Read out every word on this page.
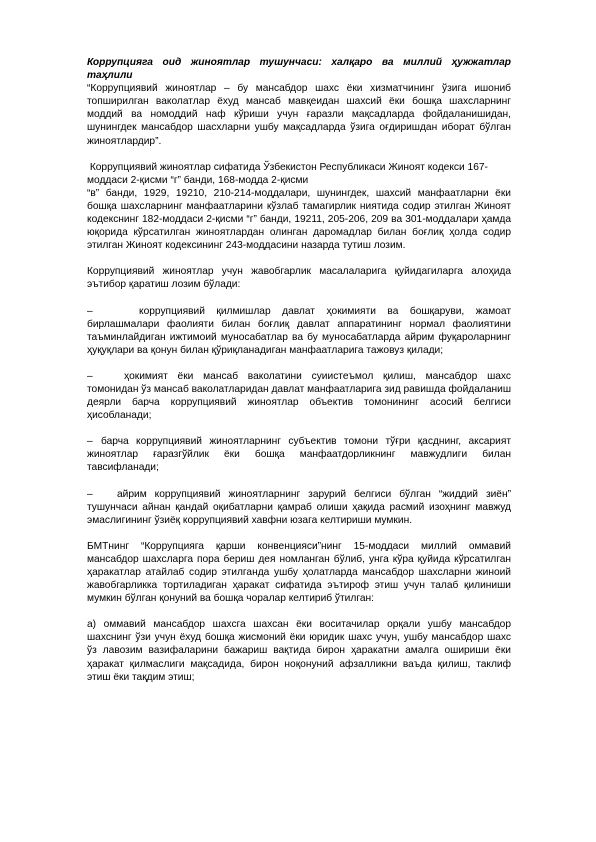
Коррупцияга оид жиноятлар тушунчаси: халқаро ва миллий ҳужжатлар таҳлили

“Коррупциявий жиноятлар – бу мансабдор шахс ёки хизматчининг ўзига ишониб топширилган ваколатлар ёхуд мансаб мавқеидан шахсий ёки бошқа шахсларнинг моддий ва номоддий наф кўриши учун ғаразли мақсадларда фойдаланишидан, шунингдек мансабдор шасхларни ушбу мақсадларда ўзига оғдиришдан иборат бўлган жиноятлардир”.

Коррупциявий жиноятлар сифатида Ўзбекистон Республикаси Жиноят кодекси 167-

моддаси 2-қисми “г” банди, 168-модда 2-қисми

“в” банди, 1929, 19210, 210-214-моддалари, шунингдек, шахсий манфаатларни ёки бошқа шахсларнинг манфаатларини кўзлаб тамагирлик ниятида содир этилган Жиноят кодекснинг 182-моддаси 2-қисми “г” банди, 19211, 205-206, 209 ва 301-моддалари ҳамда юқорида кўрсатилган жиноятлардан олинган даромадлар билан боғлиқ ҳолда содир этилган Жиноят кодексининг 243-моддасини назарда тутиш лозим.

Коррупциявий жиноятлар учун жавобгарлик масалаларига қуйидагиларга алоҳида эътибор қаратиш лозим бўлади:

–	коррупциявий қилмишлар давлат ҳокимияти ва бошқаруви, жамоат бирлашмалари фаолияти билан боғлиқ давлат аппаратининг нормал фаолиятини таъминлайдиган ижтимоий муносабатлар ва бу муносабатларда айрим фуқароларнинг ҳуқуқлари ва қонун билан қўриқланадиган манфаатларига тажовуз қилади;

–	ҳокимият ёки мансаб ваколатини суиистеъмол қилиш, мансабдор шахс томонидан ўз мансаб ваколатларидан давлат манфаатларига зид равишда фойдаланиш деярли барча коррупциявий жиноятлар объектив томонининг асосий белгиси ҳисобланади;

– барча коррупциявий жиноятларнинг субъектив томони тўғри қасднинг, аксарият жиноятлар ғаразгўйлик ёки бошқа манфаатдорликнинг мавжудлиги билан тавсифланади;

– айрим коррупциявий жиноятларнинг зарурий белгиси бўлган “жиддий зиён” тушунчаси айнан қандай оқибатларни қамраб олиши ҳақида расмий изоҳнинг мавжуд эмаслигининг ўзиёқ коррупциявий хавфни юзага келтириши мумкин.

БМТнинг “Коррупцияга қарши конвенцияси”нинг 15-моддаси миллий оммавий мансабдор шахсларга пора бериш дея номланган бўлиб, унга кўра қуйида кўрсатилган ҳаракатлар атайлаб содир этилганда ушбу ҳолатларда мансабдор шахсларни жиноий жавобгарликка тортиладиган ҳаракат сифатида эътироф этиш учун талаб қилиниши мумкин бўлган қонуний ва бошқа чоралар келтириб ўтилган:

а) оммавий мансабдор шахсга шахсан ёки воситачилар орқали ушбу мансабдор шахснинг ўзи учун ёхуд бошқа жисмоний ёки юридик шахс учун, ушбу мансабдор шахс ўз лавозим вазифаларини бажариш вақтида бирон ҳаракатни амалга ошириши ёки ҳаракат қилмаслиги мақсадида, бирон ноқонуний афзалликни ваъда қилиш, таклиф этиш ёки тақдим этиш;
